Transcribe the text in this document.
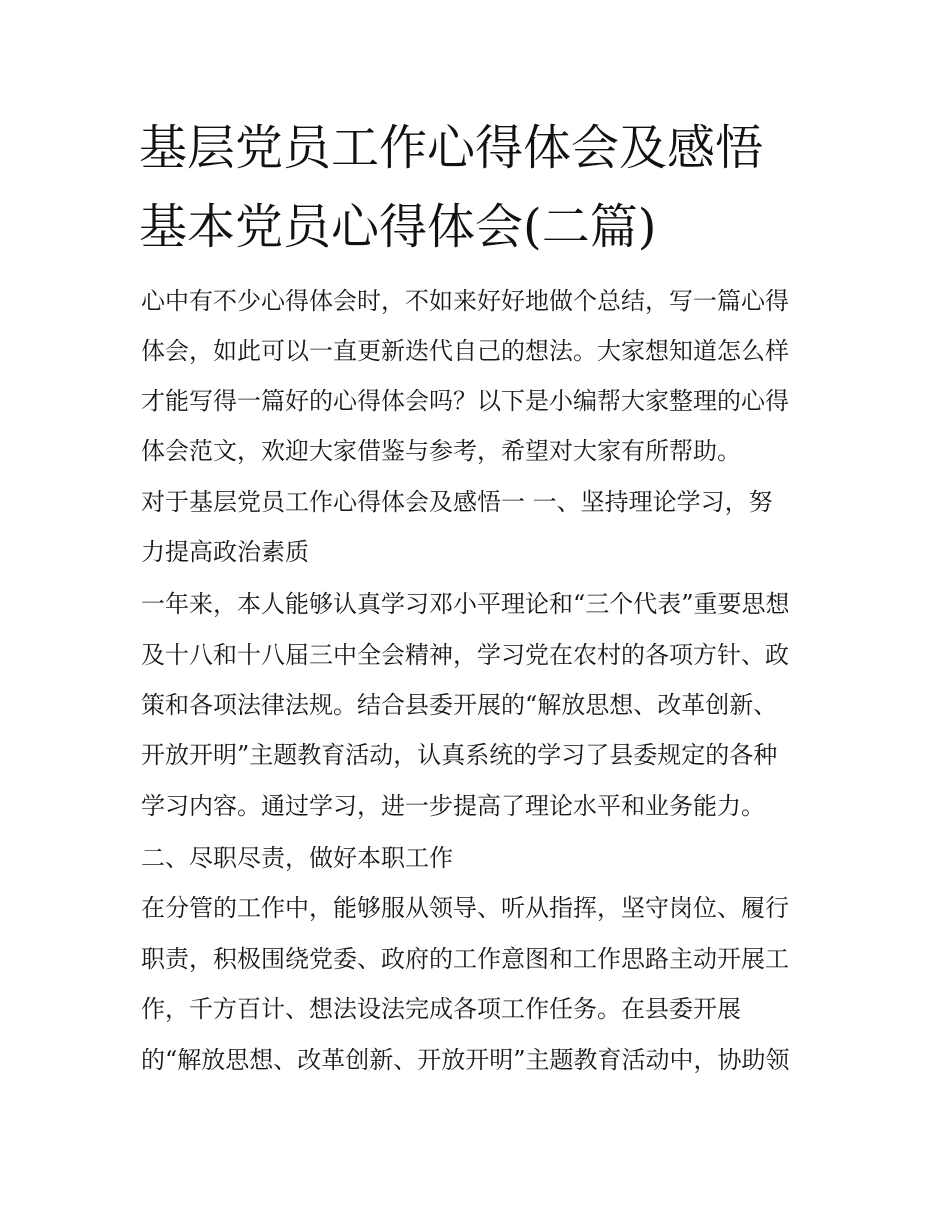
基层党员工作心得体会及感悟
基本党员心得体会(二篇)

心中有不少心得体会时，不如来好好地做个总结，写一篇心得

体会，如此可以一直更新迭代自己的想法。大家想知道怎么样

才能写得一篇好的心得体会吗？以下是小编帮大家整理的心得

体会范文，欢迎大家借鉴与参考，希望对大家有所帮助。

对于基层党员工作心得体会及感悟一 一、坚持理论学习，努

力提高政治素质

一年来，本人能够认真学习邓小平理论和“三个代表”重要思想

及十八和十八届三中全会精神，学习党在农村的各项方针、政

策和各项法律法规。结合县委开展的“解放思想、改革创新、

开放开明”主题教育活动，认真系统的学习了县委规定的各种

学习内容。通过学习，进一步提高了理论水平和业务能力。

二、尽职尽责，做好本职工作

在分管的工作中，能够服从领导、听从指挥，坚守岗位、履行

职责，积极围绕党委、政府的工作意图和工作思路主动开展工

作，千方百计、想法设法完成各项工作任务。在县委开展

的“解放思想、改革创新、开放开明”主题教育活动中，协助领
